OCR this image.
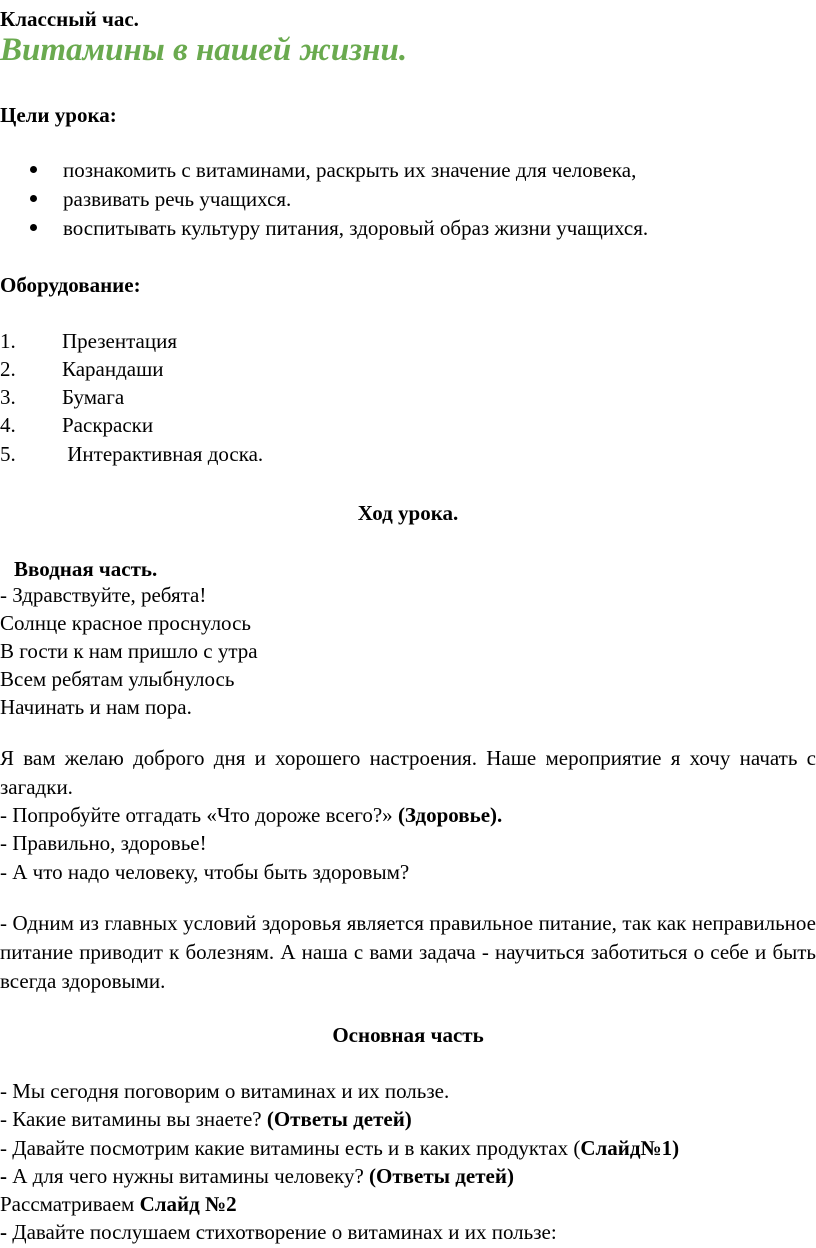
Классный час.
Витамины в нашей жизни.
Цели урока:
познакомить с витаминами, раскрыть их значение для человека,
развивать речь учащихся.
воспитывать культуру питания, здоровый образ жизни учащихся.
Оборудование:
1. Презентация
2. Карандаши
3. Бумага
4. Раскраски
5. Интерактивная доска.
Ход урока.
Вводная часть.
- Здравствуйте, ребята!
Солнце красное проснулось
В гости к нам пришло с утра
Всем ребятам улыбнулось
Начинать и нам пора.
Я вам желаю доброго дня и хорошего настроения. Наше мероприятие я хочу начать с загадки.
- Попробуйте отгадать «Что дороже всего?» (Здоровье).
- Правильно, здоровье!
- А что надо человеку, чтобы быть здоровым?
- Одним из главных условий здоровья является правильное питание, так как неправильное питание приводит к болезням. А наша с вами задача - научиться заботиться о себе и быть всегда здоровыми.
Основная часть
- Мы сегодня поговорим о витаминах и их пользе.
- Какие витамины вы знаете? (Ответы детей)
- Давайте посмотрим какие витамины есть и в каких продуктах (Слайд№1)
- А для чего нужны витамины человеку? (Ответы детей)
Рассматриваем Слайд №2
- Давайте послушаем стихотворение о витаминах и их пользе:
